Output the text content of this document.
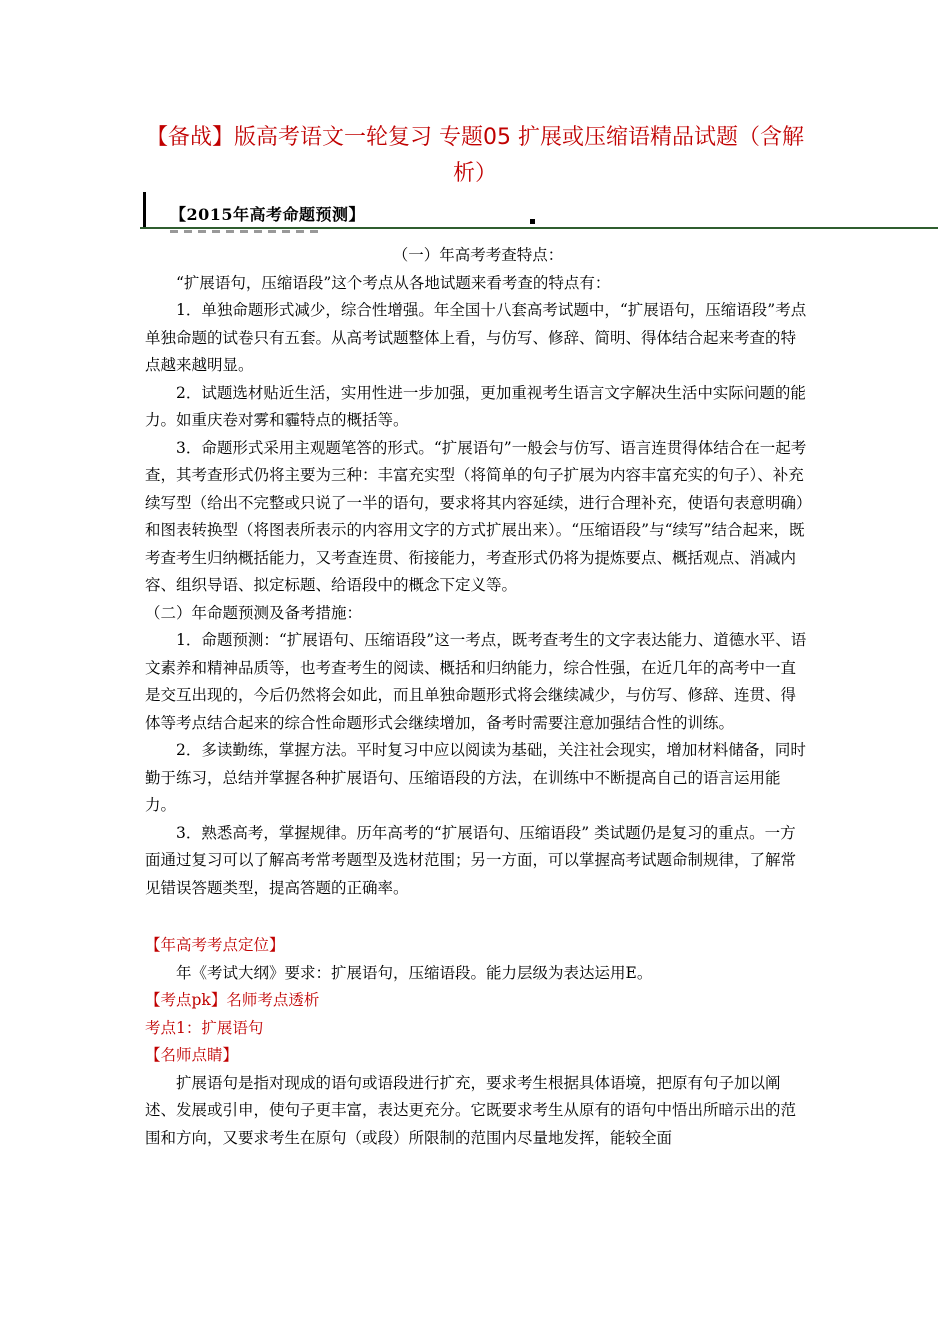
【备战】版高考语文一轮复习 专题05 扩展或压缩语精品试题（含解析）
【2015年高考命题预测】

（一）年高考考查特点：

“扩展语句，压缩语段”这个考点从各地试题来看考查的特点有：

1．单独命题形式减少，综合性增强。年全国十八套高考试题中，“扩展语句，压缩语段”考点单独命题的试卷只有五套。从高考试题整体上看，与仿写、修辞、简明、得体结合起来考查的特点越来越明显。

2．试题选材贴近生活，实用性进一步加强，更加重视考生语言文字解决生活中实际问题的能力。如重庆卷对雾和霾特点的概括等。

3．命题形式采用主观题笔答的形式。“扩展语句”一般会与仿写、语言连贯得体结合在一起考查，其考查形式仍将主要为三种：丰富充实型（将简单的句子扩展为内容丰富充实的句子）、补充续写型（给出不完整或只说了一半的语句，要求将其内容延续，进行合理补充，使语句表意明确）和图表转换型（将图表所表示的内容用文字的方式扩展出来）。“压缩语段”与“续写”结合起来，既考查考生归纳概括能力，又考查连贯、衔接能力，考查形式仍将为提炼要点、概括观点、消减内容、组织导语、拟定标题、给语段中的概念下定义等。

（二）年命题预测及备考措施：

1．命题预测：“扩展语句、压缩语段”这一考点，既考查考生的文字表达能力、道德水平、语文素养和精神品质等，也考查考生的阅读、概括和归纳能力，综合性强，在近几年的高考中一直是交互出现的，今后仍然将会如此，而且单独命题形式将会继续减少，与仿写、修辞、连贯、得体等考点结合起来的综合性命题形式会继续增加，备考时需要注意加强结合性的训练。

2．多读勤练，掌握方法。平时复习中应以阅读为基础，关注社会现实，增加材料储备，同时勤于练习，总结并掌握各种扩展语句、压缩语段的方法，在训练中不断提高自己的语言运用能力。

3．熟悉高考，掌握规律。历年高考的“扩展语句、压缩语段” 类试题仍是复习的重点。一方面通过复习可以了解高考常考题型及选材范围；另一方面，可以掌握高考试题命制规律，了解常见错误答题类型，提高答题的正确率。

【年高考考点定位】

年《考试大纲》要求：扩展语句，压缩语段。能力层级为表达运用E。

【考点pk】名师考点透析

考点1：扩展语句

【名师点睛】

扩展语句是指对现成的语句或语段进行扩充，要求考生根据具体语境，把原有句子加以阐述、发展或引申，使句子更丰富，表达更充分。它既要求考生从原有的语句中悟出所暗示出的范围和方向，又要求考生在原句（或段）所限制的范围内尽量地发挥，能较全面
